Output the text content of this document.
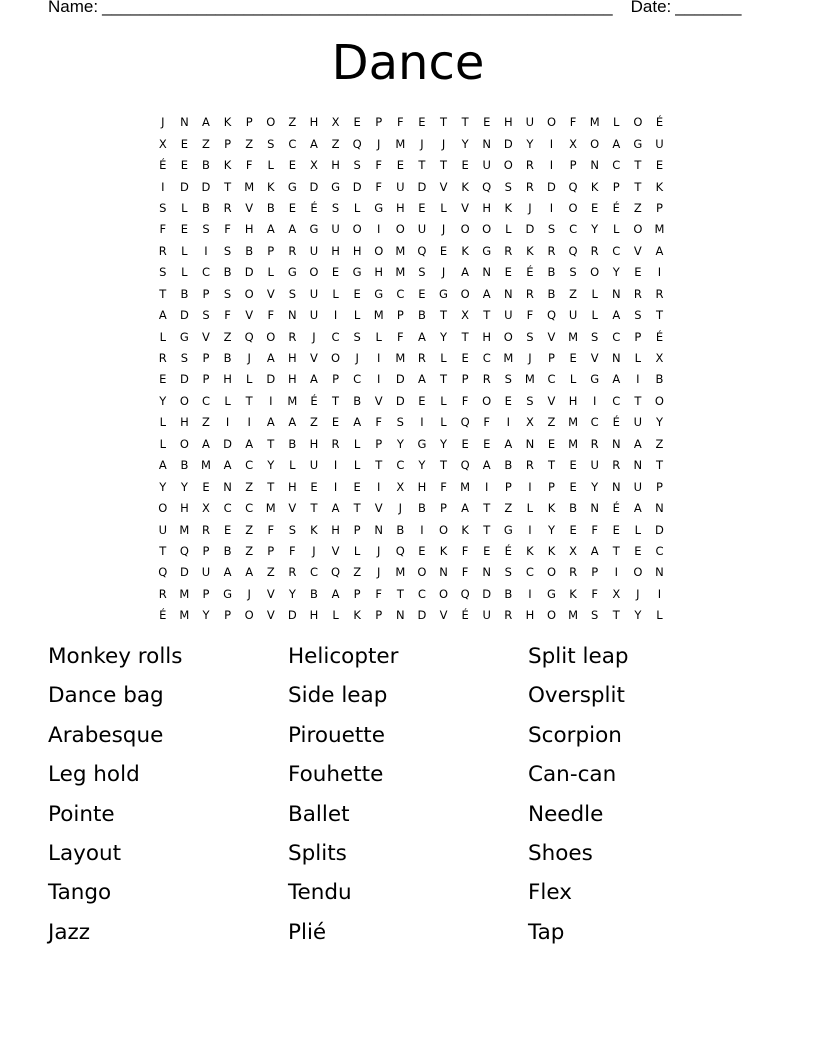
Name: ______________________________________________________ Date: _______
Dance
J	N	A	K	P	O	Z	H	X	E	P	F	E	T	T	E	H	U	O	F	M	L	O	É
X	E	Z	P	Z	S	C	A	Z	Q	J	M	J	J	Y	N	D	Y	I	X	O	A	G	U
É	E	B	K	F	L	E	X	H	S	F	E	T	T	E	U	O	R	I	P	N	C	T	E
I	D	D	T	M	K	G	D	G	D	F	U	D	V	K	Q	S	R	D	Q	K	P	T	K
S	L	B	R	V	B	E	É	S	L	G	H	E	L	V	H	K	J	I	O	E	É	Z	P
F	E	S	F	H	A	A	G	U	O	I	O	U	J	O	O	L	D	S	C	Y	L	O	M
R	L	I	S	B	P	R	U	H	H	O	M	Q	E	K	G	R	K	R	Q	R	C	V	A
S	L	C	B	D	L	G	O	E	G	H	M	S	J	A	N	E	É	B	S	O	Y	E	I
T	B	P	S	O	V	S	U	L	E	G	C	E	G	O	A	N	R	B	Z	L	N	R	R
A	D	S	F	V	F	N	U	I	L	M	P	B	T	X	T	U	F	Q	U	L	A	S	T
L	G	V	Z	Q	O	R	J	C	S	L	F	A	Y	T	H	O	S	V	M	S	C	P	É
R	S	P	B	J	A	H	V	O	J	I	M	R	L	E	C	M	J	P	E	V	N	L	X
E	D	P	H	L	D	H	A	P	C	I	D	A	T	P	R	S	M	C	L	G	A	I	B
Y	O	C	L	T	I	M	É	T	B	V	D	E	L	F	O	E	S	V	H	I	C	T	O
L	H	Z	I	I	A	A	Z	E	A	F	S	I	L	Q	F	I	X	Z	M	C	É	U	Y
L	O	A	D	A	T	B	H	R	L	P	Y	G	Y	E	E	A	N	E	M	R	N	A	Z
A	B	M	A	C	Y	L	U	I	L	T	C	Y	T	Q	A	B	R	T	E	U	R	N	T
Y	Y	E	N	Z	T	H	E	I	E	I	X	H	F	M	I	P	I	P	E	Y	N	U	P
O	H	X	C	C	M	V	T	A	T	V	J	B	P	A	T	Z	L	K	B	N	É	A	N
U	M	R	E	Z	F	S	K	H	P	N	B	I	O	K	T	G	I	Y	E	F	E	L	D
T	Q	P	B	Z	P	F	J	V	L	J	Q	E	K	F	E	É	K	K	X	A	T	E	C
Q	D	U	A	A	Z	R	C	Q	Z	J	M	O	N	F	N	S	C	O	R	P	I	O	N
R	M	P	G	J	V	Y	B	A	P	F	T	C	O	Q	D	B	I	G	K	F	X	J	I
É	M	Y	P	O	V	D	H	L	K	P	N	D	V	É	U	R	H	O	M	S	T	Y	L
Monkey rolls
Dance bag
Arabesque
Leg hold
Pointe
Layout
Tango
Jazz
Helicopter
Side leap
Pirouette
Fouhette
Ballet
Splits
Tendu
Plié
Split leap
Oversplit
Scorpion
Can-can
Needle
Shoes
Flex
Tap
